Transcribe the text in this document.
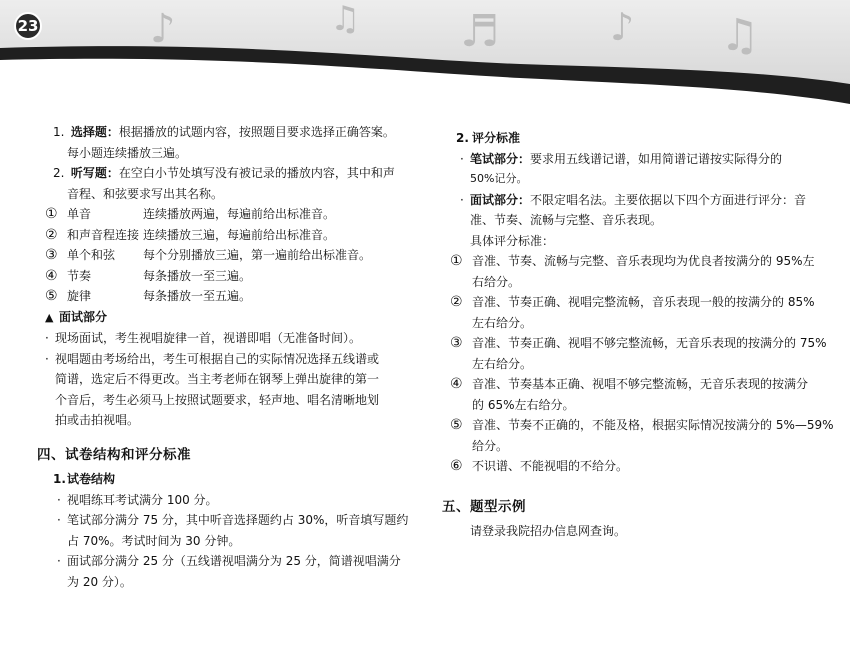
♪	♫ ♬	♪ ♫
23
1. 选择题：根据播放的试题内容，按照题目要求选择正确答案。
每小题连续播放三遍。
2. 听写题：在空白小节处填写没有被记录的播放内容，其中和声
音程、和弦要求写出其名称。
① 单音	连续播放两遍，每遍前给出标准音。
② 和声音程连接 连续播放三遍，每遍前给出标准音。
③ 单个和弦 每个分别播放三遍，第一遍前给出标准音。
④ 节奏	每条播放一至三遍。
⑤ 旋律	每条播放一至五遍。
▲ 面试部分
· 现场面试，考生视唱旋律一首，视谱即唱（无准备时间）。
· 视唱题由考场给出，考生可根据自己的实际情况选择五线谱或
简谱，选定后不得更改。当主考老师在钢琴上弹出旋律的第一
个音后，考生必须马上按照试题要求，轻声地、唱名清晰地划
拍或击拍视唱。
四、试卷结构和评分标准
1.试卷结构
· 视唱练耳考试满分 100 分。
· 笔试部分满分 75 分，其中听音选择题约占 30%，听音填写题约
占 70%。考试时间为 30 分钟。
· 面试部分满分 25 分（五线谱视唱满分为 25 分，简谱视唱满分
为 20 分）。
2. 评分标准
· 笔试部分：要求用五线谱记谱，如用简谱记谱按实际得分的
50%记分。
· 面试部分：不限定唱名法。主要依据以下四个方面进行评分：音
准、节奏、流畅与完整、音乐表现。
具体评分标准：
① 音准、节奏、流畅与完整、音乐表现均为优良者按满分的 95%左
右给分。
② 音准、节奏正确、视唱完整流畅，音乐表现一般的按满分的 85%
左右给分。
③ 音准、节奏正确、视唱不够完整流畅，无音乐表现的按满分的 75%
左右给分。
④ 音准、节奏基本正确、视唱不够完整流畅，无音乐表现的按满分
的 65%左右给分。
⑤ 音准、节奏不正确的，不能及格，根据实际情况按满分的 5%—59%
给分。
⑥ 不识谱、不能视唱的不给分。
五、题型示例
请登录我院招办信息网查询。
